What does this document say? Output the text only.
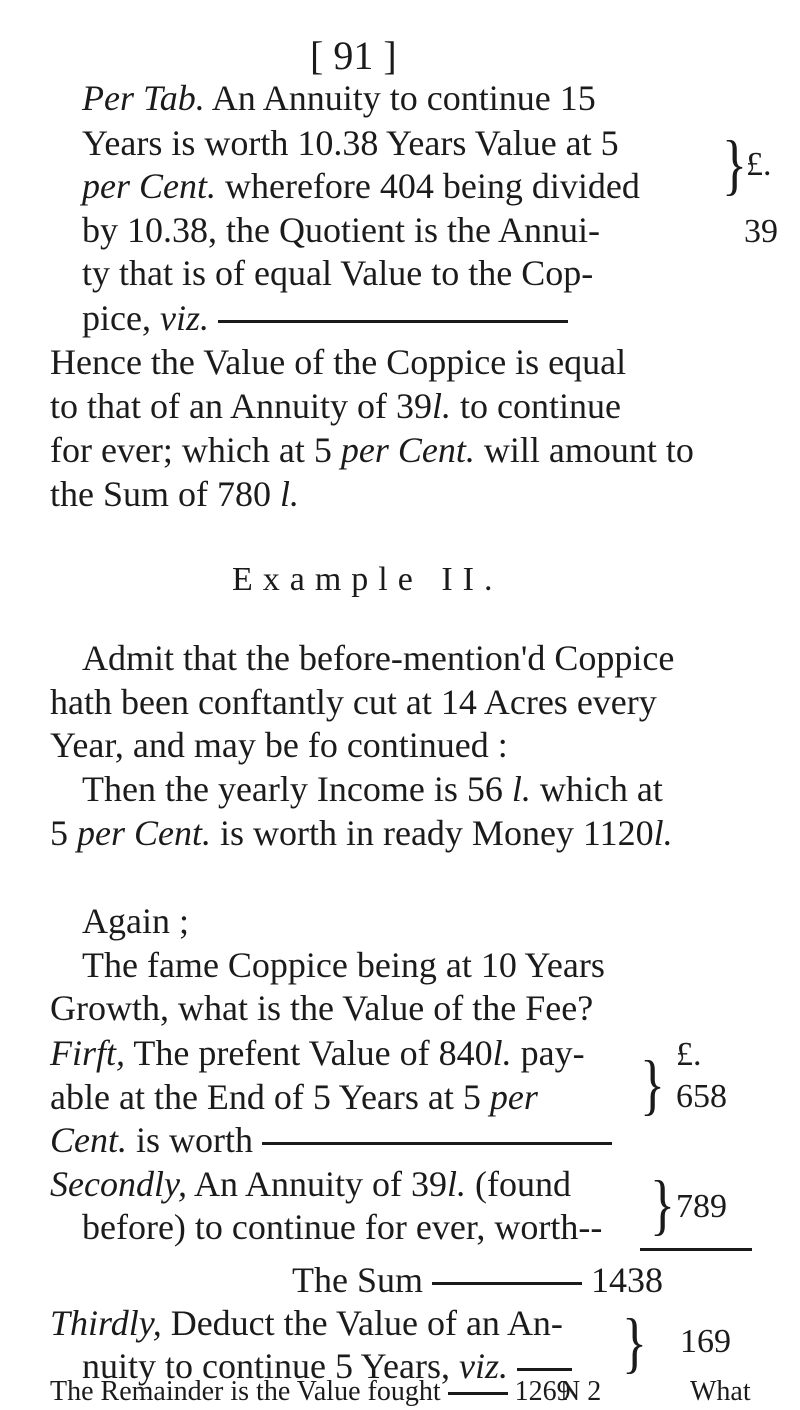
[ 91 ]
Per Tab. An Annuity to continue 15
Years is worth 10.38 Years Value at 5
per Cent. wherefore 404 being divided
by 10.38, the Quotient is the Annui-
ty that is of equal Value to the Cop-
pice, viz.
} £.
39
Hence the Value of the Coppice is equal
to that of an Annuity of 39l. to continue
for ever; which at 5 per Cent. will amount to
the Sum of 780 l.
Example II.
Admit that the before-mention'd Coppice
hath been conftantly cut at 14 Acres every
Year, and may be fo continued :
Then the yearly Income is 56 l. which at
5 per Cent. is worth in ready Money 1120l.
Again ;
The fame Coppice being at 10 Years
Growth, what is the Value of the Fee?
Firft, The prefent Value of 840l. pay-
able at the End of 5 Years at 5 per
Cent. is worth
} £.
658
Secondly, An Annuity of 39l. (found
before) to continue for ever, worth-- } 789
The Sum	1438
Thirdly, Deduct the Value of an An-
nuity to continue 5 Years, viz.	} 169
The Remainder is the Value fought	1269	What
N 2
